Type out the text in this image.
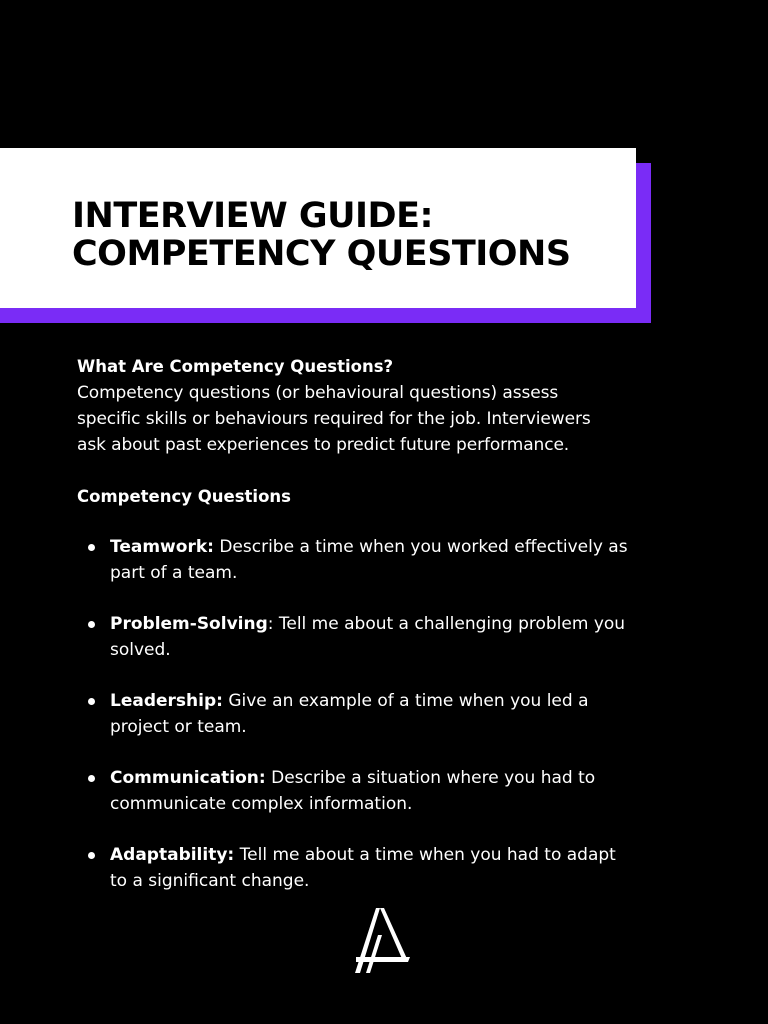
INTERVIEW GUIDE:
COMPETENCY QUESTIONS
What Are Competency Questions?

Competency questions (or behavioural questions) assess
specific skills or behaviours required for the job. Interviewers
ask about past experiences to predict future performance.

Competency Questions
Teamwork: Describe a time when you worked effectively as
part of a team.
Problem-Solving: Tell me about a challenging problem you
solved.
Leadership: Give an example of a time when you led a
project or team.
Communication: Describe a situation where you had to
communicate complex information.
Adaptability: Tell me about a time when you had to adapt
to a significant change.
